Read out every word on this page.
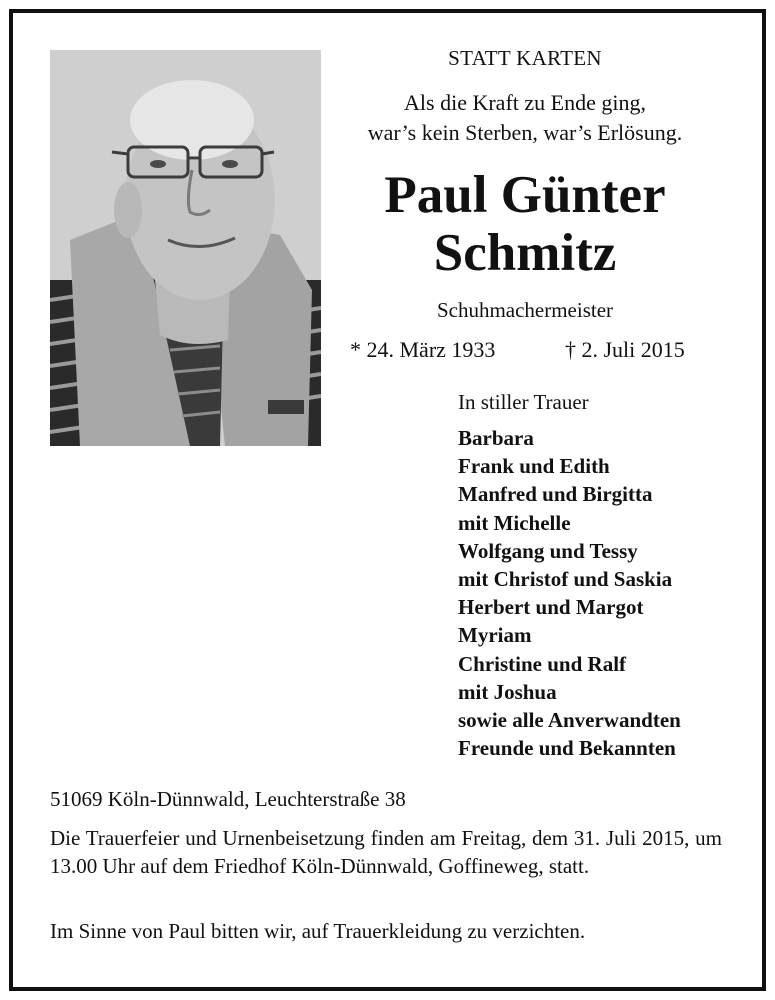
STATT KARTEN
Als die Kraft zu Ende ging,
war’s kein Sterben, war’s Erlösung.
Paul Günter
Schmitz
Schuhmachermeister
* 24. März 1933	† 2. Juli 2015
In stiller Trauer
Barbara
Frank und Edith
Manfred und Birgitta
mit Michelle
Wolfgang und Tessy
mit Christof und Saskia
Herbert und Margot
Myriam
Christine und Ralf
mit Joshua
sowie alle Anverwandten
Freunde und Bekannten
51069 Köln-Dünnwald, Leuchterstraße 38
Die Trauerfeier und Urnenbeisetzung finden am Freitag, dem 31. Juli 2015, um 13.00 Uhr auf dem Friedhof Köln-Dünnwald, Goffineweg, statt.
Im Sinne von Paul bitten wir, auf Trauerkleidung zu verzichten.
